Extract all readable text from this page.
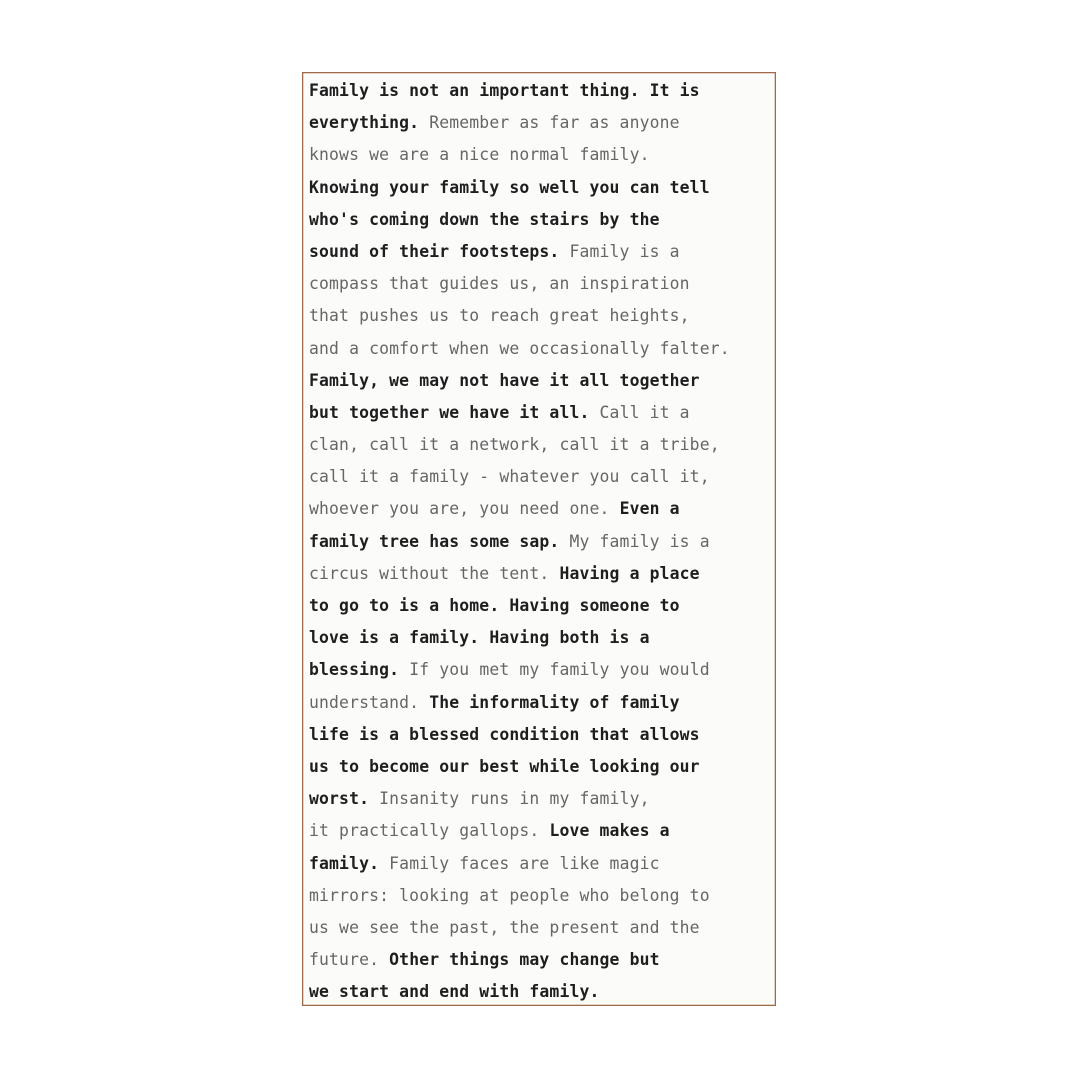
Family is not an important thing. It is
everything. Remember as far as anyone
knows we are a nice normal family.
Knowing your family so well you can tell
who's coming down the stairs by the
sound of their footsteps. Family is a
compass that guides us, an inspiration
that pushes us to reach great heights,
and a comfort when we occasionally falter.
Family, we may not have it all together
but together we have it all. Call it a
clan, call it a network, call it a tribe,
call it a family - whatever you call it,
whoever you are, you need one. Even a
family tree has some sap. My family is a
circus without the tent. Having a place
to go to is a home. Having someone to
love is a family. Having both is a
blessing. If you met my family you would
understand. The informality of family
life is a blessed condition that allows
us to become our best while looking our
worst. Insanity runs in my family,
it practically gallops. Love makes a
family. Family faces are like magic
mirrors: looking at people who belong to
us we see the past, the present and the
future. Other things may change but
we start and end with family.
